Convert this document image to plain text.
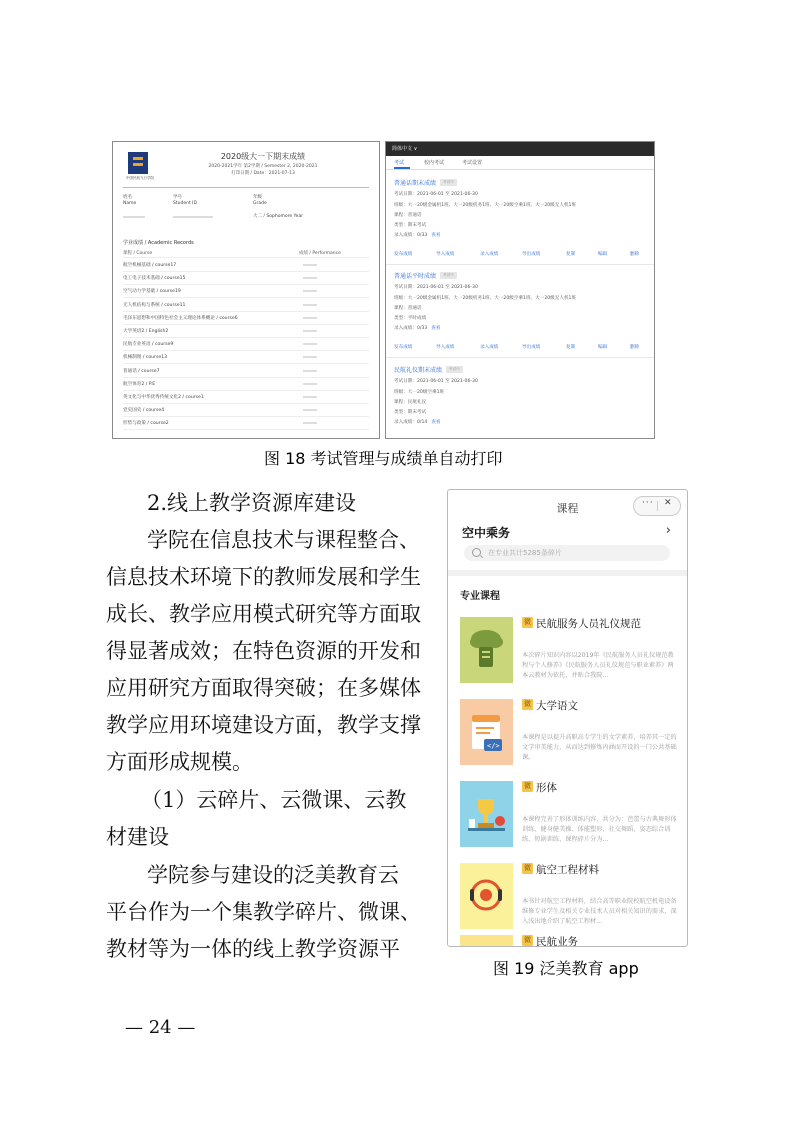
中国民航飞行学院
2020级大一下期末成绩
2020-2021学年 第2学期 / Semester 2, 2020-2021
打印日期 / Date：2021-07-13
姓名
Name
学号
Student ID
年级
Grade
大二 / Sophomore Year
学业成绩 / Academic Records
课程 / Course	成绩 / Performance
航空机械基础 / course17
电工电子技术基础 / course15
空气动力学基础 / course19
无人机结构与系统 / course11
毛泽东思想和中国特色社会主义理论体系概论 / course6
大学英语2 / English2
民航专业英语 / course9
机械制图 / course13
普通话 / course7
航空体育2 / P.E
英文化与中华优秀传统文化2 / course1
党史国史 / course4
形势与政策 / course2
简体中文 ∨
考试	校内考试	考试设置
普通话期末成绩	考试中
考试日期：2021-06-01 至 2021-06-30
班级：大一20级金属机1班、大一20级机务1班、大一20级空乘1班、大一20级无人机1班
课程：普通话
类型：期末考试
录入成绩：0/33 查看
发布成绩	导入成绩	录入成绩	导出成绩	复制	编辑	删除
普通话平时成绩	考试中
考试日期：2021-06-01 至 2021-06-30
班级：大一20级金属机1班、大一20级机务1班、大一20级空乘1班、大一20级无人机1班
课程：普通话
类型：平时成绩
录入成绩：0/33 查看
发布成绩	导入成绩	录入成绩	导出成绩	复制	编辑	删除
民航礼仪期末成绩	考试中
考试日期：2021-06-01 至 2021-06-30
班级：大一20级空乘1班
课程：民航礼仪
类型：期末考试
录入成绩：0/14 查看
图 18 考试管理与成绩单自动打印
2.线上教学资源库建设
学院在信息技术与课程整合、
信息技术环境下的教师发展和学生
成长、教学应用模式研究等方面取
得显著成效；在特色资源的开发和
应用研究方面取得突破；在多媒体
教学应用环境建设方面，教学支撑
方面形成规模。
（1）云碎片、云微课、云教
材建设
学院参与建设的泛美教育云
平台作为一个集教学碎片、微课、
教材等为一体的线上教学资源平
课程	··· ✕
空中乘务	›
在专业共计5285条碎片
专业课程
微 民航服务人员礼仪规范
本次碎片知识内容以2019年《民航服务人员礼仪规范教程与个人修养》《民航服务人员礼仪规范与职业素养》两本云教材为依托，并贴合我院...
</>
微 大学语文
本课程是以提升高职高专学生的文学素养，培养其一定的文学审美能力，从而达到修炼内涵而开设的一门公共基础课。
微 形体
本课程完善了形体训练内容，共分为：芭蕾与古典舞形体训练、健身健美操、体能塑形、社交舞蹈、姿态综合训练、短剧训练、课程碎片分为...
微 航空工程材料
本书针对航空工程材料，结合高等职业院校航空机电设备维修专业学生及相关专业技术人员对相关知识的需求，深入浅出地介绍了航空工程材...
微 民航业务
图 19 泛美教育 app
— 24 —
